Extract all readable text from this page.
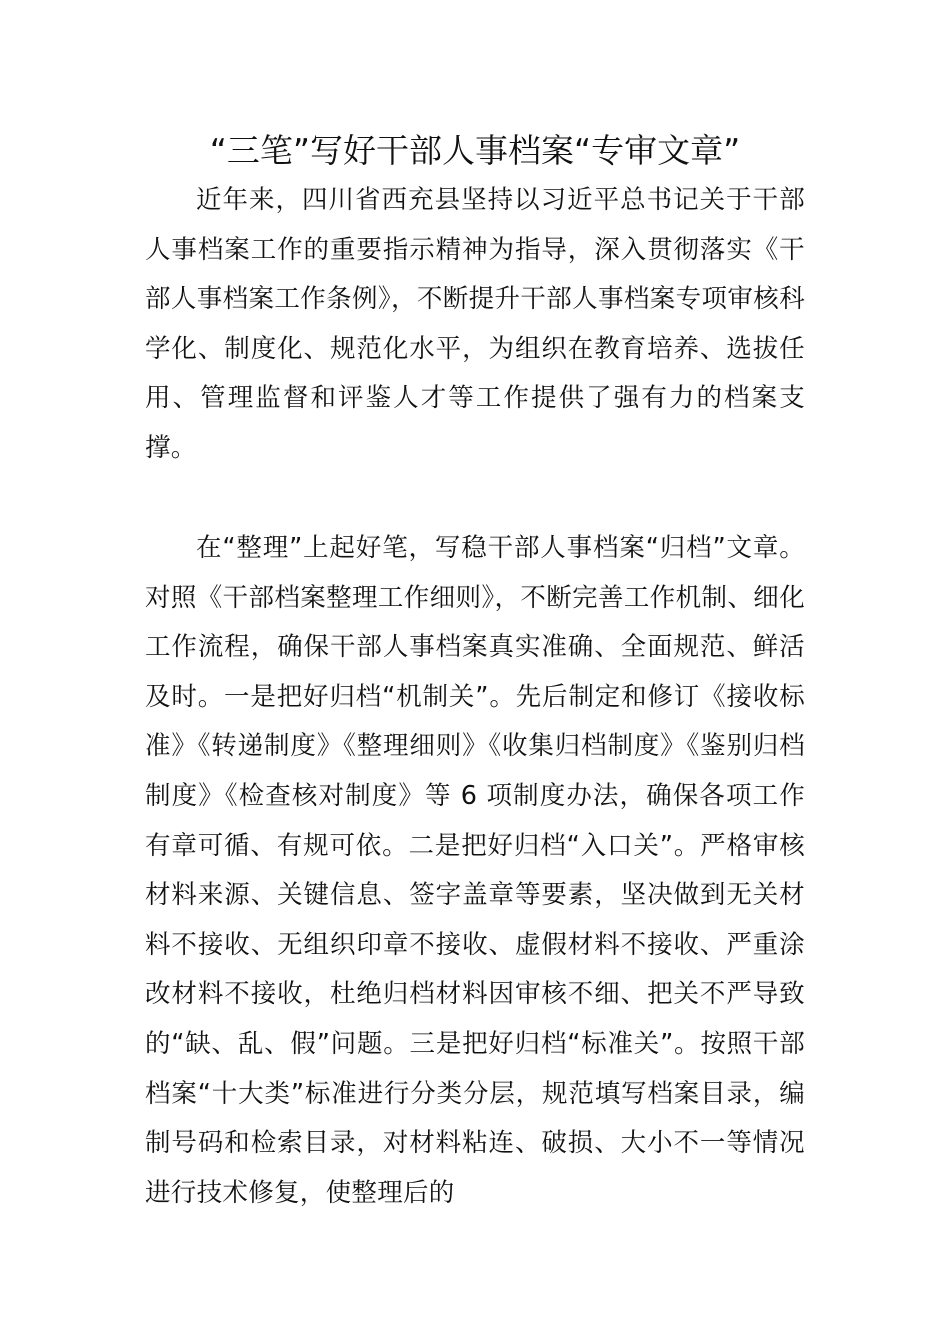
“三笔”写好干部人事档案“专审文章”

近年来，四川省西充县坚持以习近平总书记关于干部人事档案工作的重要指示精神为指导，深入贯彻落实《干部人事档案工作条例》，不断提升干部人事档案专项审核科学化、制度化、规范化水平，为组织在教育培养、选拔任用、管理监督和评鉴人才等工作提供了强有力的档案支撑。

在“整理”上起好笔，写稳干部人事档案“归档”文章。对照《干部档案整理工作细则》，不断完善工作机制、细化工作流程，确保干部人事档案真实准确、全面规范、鲜活及时。一是把好归档“机制关”。先后制定和修订《接收标准》《转递制度》《整理细则》《收集归档制度》《鉴别归档制度》《检查核对制度》等 6 项制度办法，确保各项工作有章可循、有规可依。二是把好归档“入口关”。严格审核材料来源、关键信息、签字盖章等要素，坚决做到无关材料不接收、无组织印章不接收、虚假材料不接收、严重涂改材料不接收，杜绝归档材料因审核不细、把关不严导致的“缺、乱、假”问题。三是把好归档“标准关”。按照干部档案“十大类”标准进行分类分层，规范填写档案目录，编制号码和检索目录，对材料粘连、破损、大小不一等情况进行技术修复，使整理后的
